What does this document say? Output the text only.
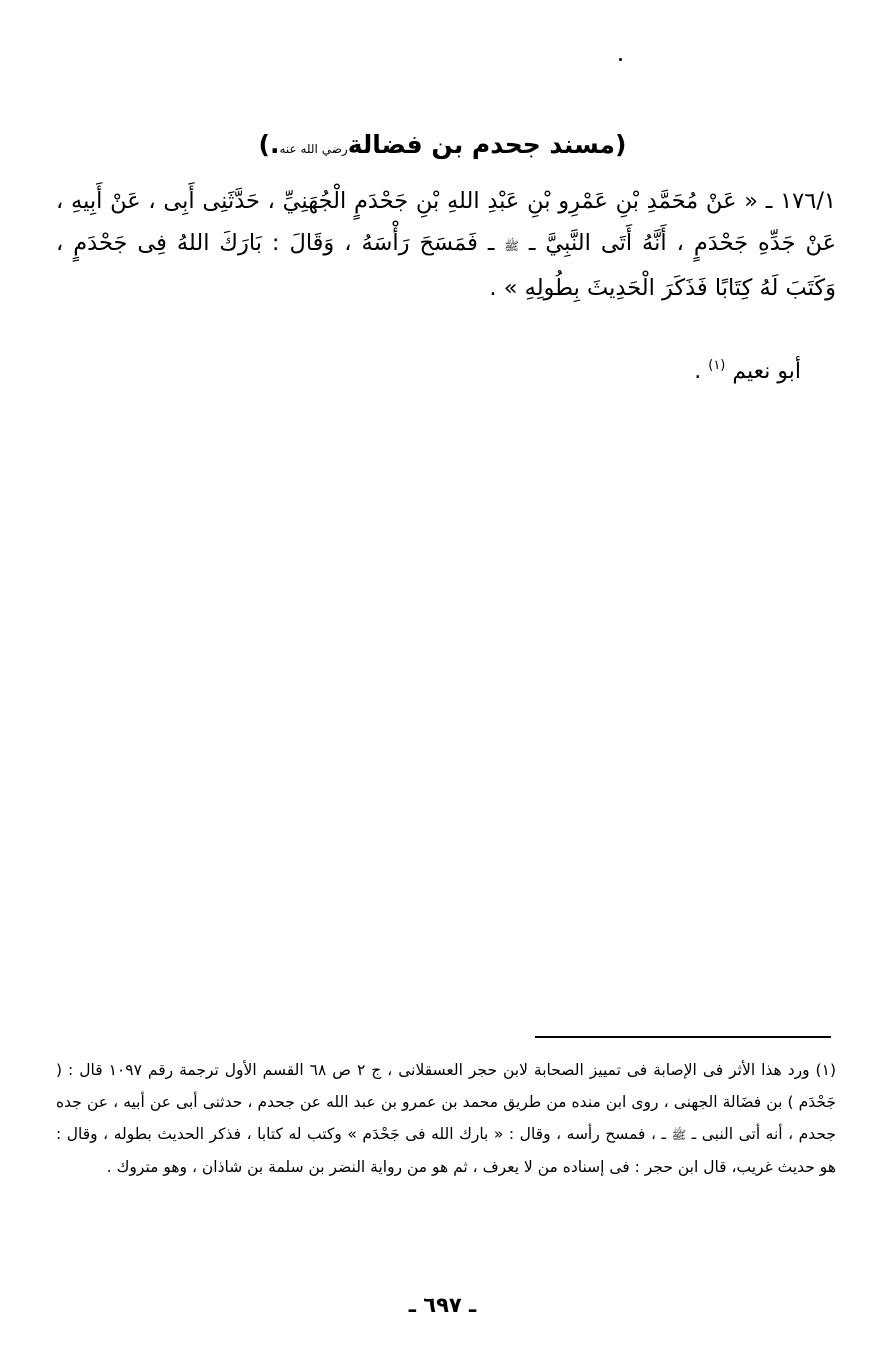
(مسند جحدم بن فضالةرضي الله عنه.)

١٧٦/١ ـ « عَنْ مُحَمَّدِ بْنِ عَمْرِو بْنِ عَبْدِ اللهِ بْنِ جَحْدَمٍ الْجُهَنِيِّ ، حَدَّثَنِى أَبِى ، عَنْ أَبِيهِ ، عَنْ جَدِّهِ جَحْدَمٍ ، أَنَّهُ أَتَى النَّبِيَّ ـ ﷺ ـ فَمَسَحَ رَأْسَهُ ، وَقَالَ : بَارَكَ اللهُ فِى جَحْدَمٍ ، وَكَتَبَ لَهُ كِتَابًا فَذَكَرَ الْحَدِيثَ بِطُولِهِ » .

أبو نعيم $^{(١)}$ .

(١) ورد هذا الأثر فى الإصابة فى تمييز الصحابة لابن حجر العسقلانى ، ج ٢ ص ٦٨ القسم الأول ترجمة رقم ١٠٩٧ قال : ( جَحْدَم ) بن فضَالة الجهنى ، روى ابن منده من طريق محمد بن عمرو بن عبد الله عن جحدم ، حدثنى أبى عن أبيه ، عن جده جحدم ، أنه أتى النبى ـ ﷺ ـ ، فمسح رأسه ، وقال : « بارك الله فى جَحْدَم » وكتب له كتابا ، فذكر الحديث بطوله ، وقال : هو حديث غريب، قال ابن حجر : فى إسناده من لا يعرف ، ثم هو من رواية النضر بن سلمة بن شاذان ، وهو متروك .

ـ ٦٩٧ ـ
